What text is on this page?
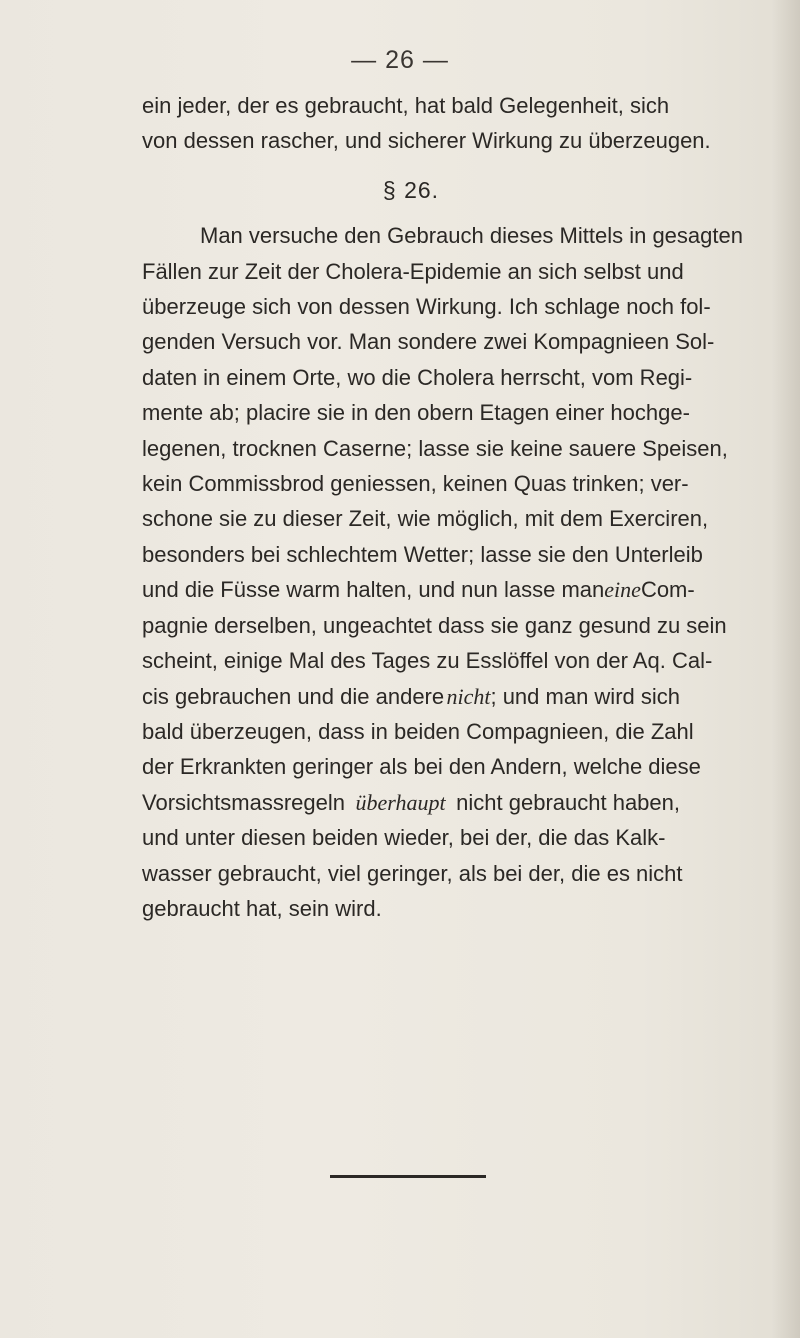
— 26 —
ein jeder, der es gebraucht, hat bald Gelegenheit, sich
von dessen rascher, und sicherer Wirkung zu überzeugen.
§ 26.
Man versuche den Gebrauch dieses Mittels in gesagten
Fällen zur Zeit der Cholera-Epidemie an sich selbst und
überzeuge sich von dessen Wirkung. Ich schlage noch fol-
genden Versuch vor. Man sondere zwei Kompagnieen Sol-
daten in einem Orte, wo die Cholera herrscht, vom Regi-
mente ab; placire sie in den obern Etagen einer hochge-
legenen, trocknen Caserne; lasse sie keine sauere Speisen,
kein Commissbrod geniessen, keinen Quas trinken; ver-
schone sie zu dieser Zeit, wie möglich, mit dem Exerciren,
besonders bei schlechtem Wetter; lasse sie den Unterleib
und die Füsse warm halten, und nun lasse man eine Com-
pagnie derselben, ungeachtet dass sie ganz gesund zu sein
scheint, einige Mal des Tages zu Esslöffel von der Aq. Cal-
cis gebrauchen und die andere nicht; und man wird sich
bald überzeugen, dass in beiden Compagnieen, die Zahl
der Erkrankten geringer als bei den Andern, welche diese
Vorsichtsmassregeln überhaupt nicht gebraucht haben,
und unter diesen beiden wieder, bei der, die das Kalk-
wasser gebraucht, viel geringer, als bei der, die es nicht
gebraucht hat, sein wird.
